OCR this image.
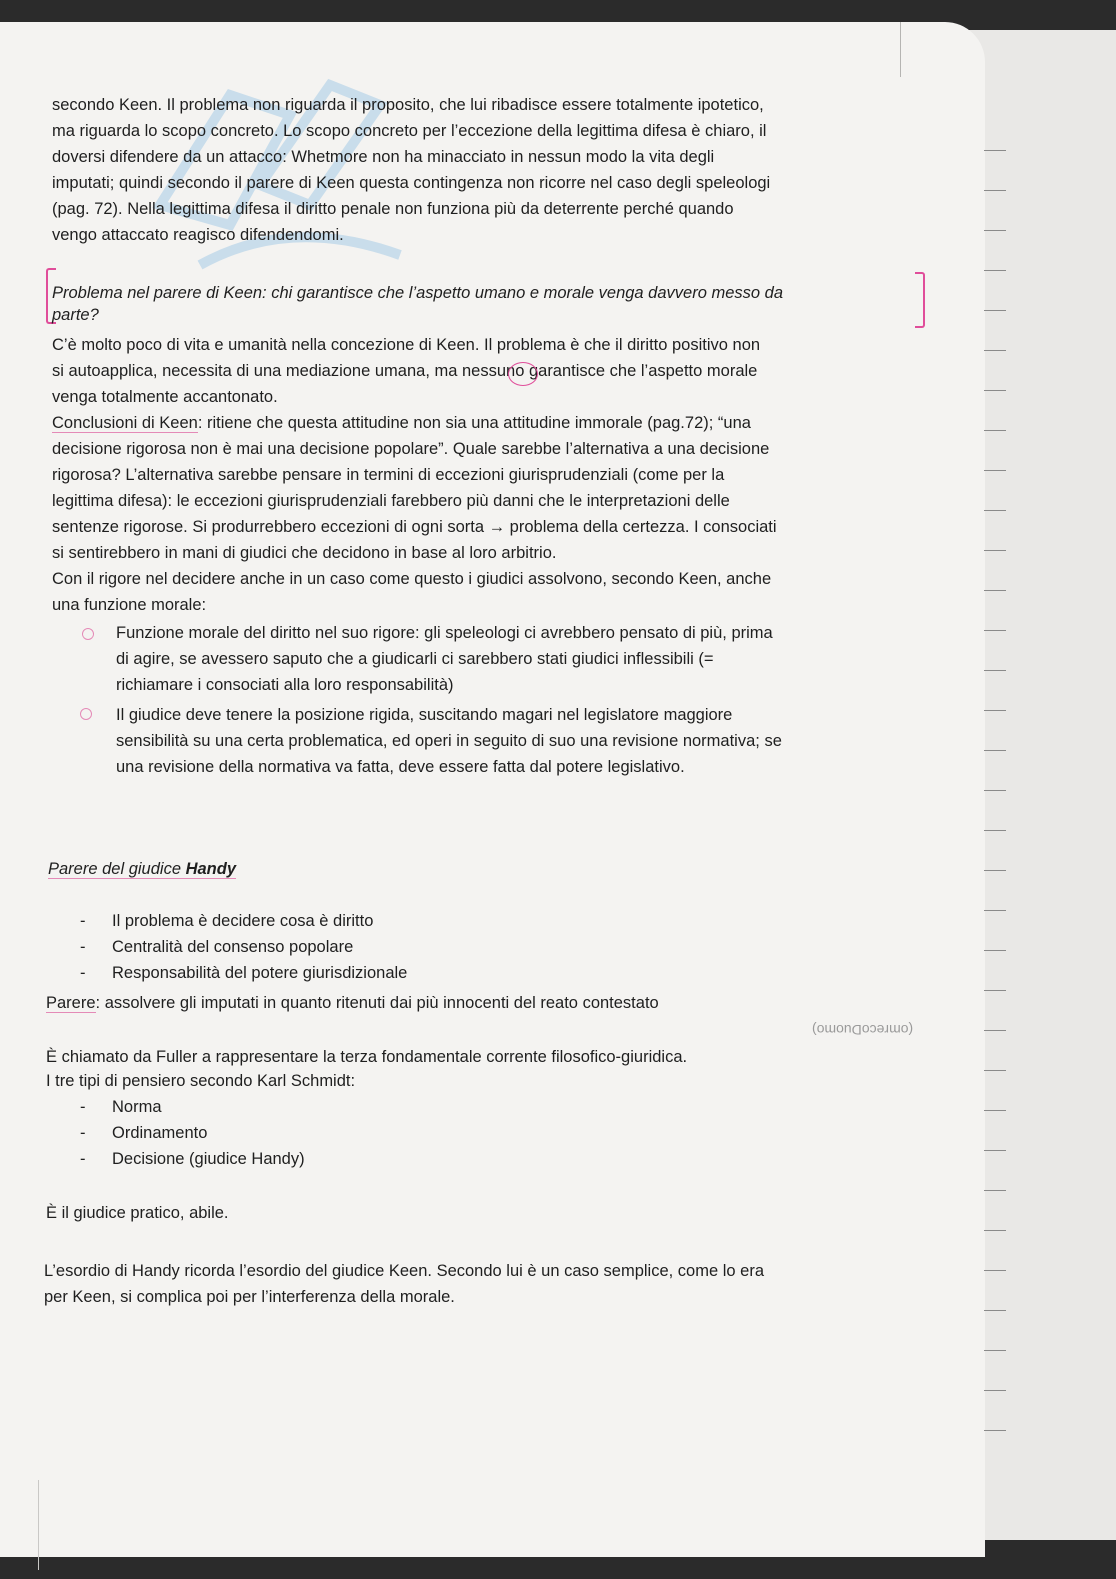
secondo Keen. Il problema non riguarda il proposito, che lui ribadisce essere totalmente ipotetico,
ma riguarda lo scopo concreto. Lo scopo concreto per l’eccezione della legittima difesa è chiaro, il
doversi difendere da un attacco: Whetmore non ha minacciato in nessun modo la vita degli
imputati; quindi secondo il parere di Keen questa contingenza non ricorre nel caso degli speleologi
(pag. 72). Nella legittima difesa il diritto penale non funziona più da deterrente perché quando
vengo attaccato reagisco difendendomi.
Problema nel parere di Keen: chi garantisce che l’aspetto umano e morale venga davvero messo da
parte?
C’è molto poco di vita e umanità nella concezione di Keen. Il problema è che il diritto positivo non
si autoapplica, necessita di una mediazione umana, ma nessuno garantisce che l’aspetto morale
venga totalmente accantonato.
Conclusioni di Keen: ritiene che questa attitudine non sia una attitudine immorale (pag.72); “una
decisione rigorosa non è mai una decisione popolare”. Quale sarebbe l’alternativa a una decisione
rigorosa? L’alternativa sarebbe pensare in termini di eccezioni giurisprudenziali (come per la
legittima difesa): le eccezioni giurisprudenziali farebbero più danni che le interpretazioni delle
sentenze rigorose. Si produrrebbero eccezioni di ogni sorta → problema della certezza. I consociati
si sentirebbero in mani di giudici che decidono in base al loro arbitrio.
Con il rigore nel decidere anche in un caso come questo i giudici assolvono, secondo Keen, anche
una funzione morale:
Funzione morale del diritto nel suo rigore: gli speleologi ci avrebbero pensato di più, prima
di agire, se avessero saputo che a giudicarli ci sarebbero stati giudici inflessibili (=
richiamare i consociati alla loro responsabilità)
Il giudice deve tenere la posizione rigida, suscitando magari nel legislatore maggiore
sensibilità su una certa problematica, ed operi in seguito di suo una revisione normativa; se
una revisione della normativa va fatta, deve essere fatta dal potere legislativo.
Parere del giudice Handy
- Il problema è decidere cosa è diritto
- Centralità del consenso popolare
- Responsabilità del potere giurisdizionale
Parere: assolvere gli imputati in quanto ritenuti dai più innocenti del reato contestato
(omrecoDuomo)
È chiamato da Fuller a rappresentare la terza fondamentale corrente filosofico-giuridica.
I tre tipi di pensiero secondo Karl Schmidt:
- Norma
- Ordinamento
- Decisione (giudice Handy)
È il giudice pratico, abile.
L’esordio di Handy ricorda l’esordio del giudice Keen. Secondo lui è un caso semplice, come lo era
per Keen, si complica poi per l’interferenza della morale.
